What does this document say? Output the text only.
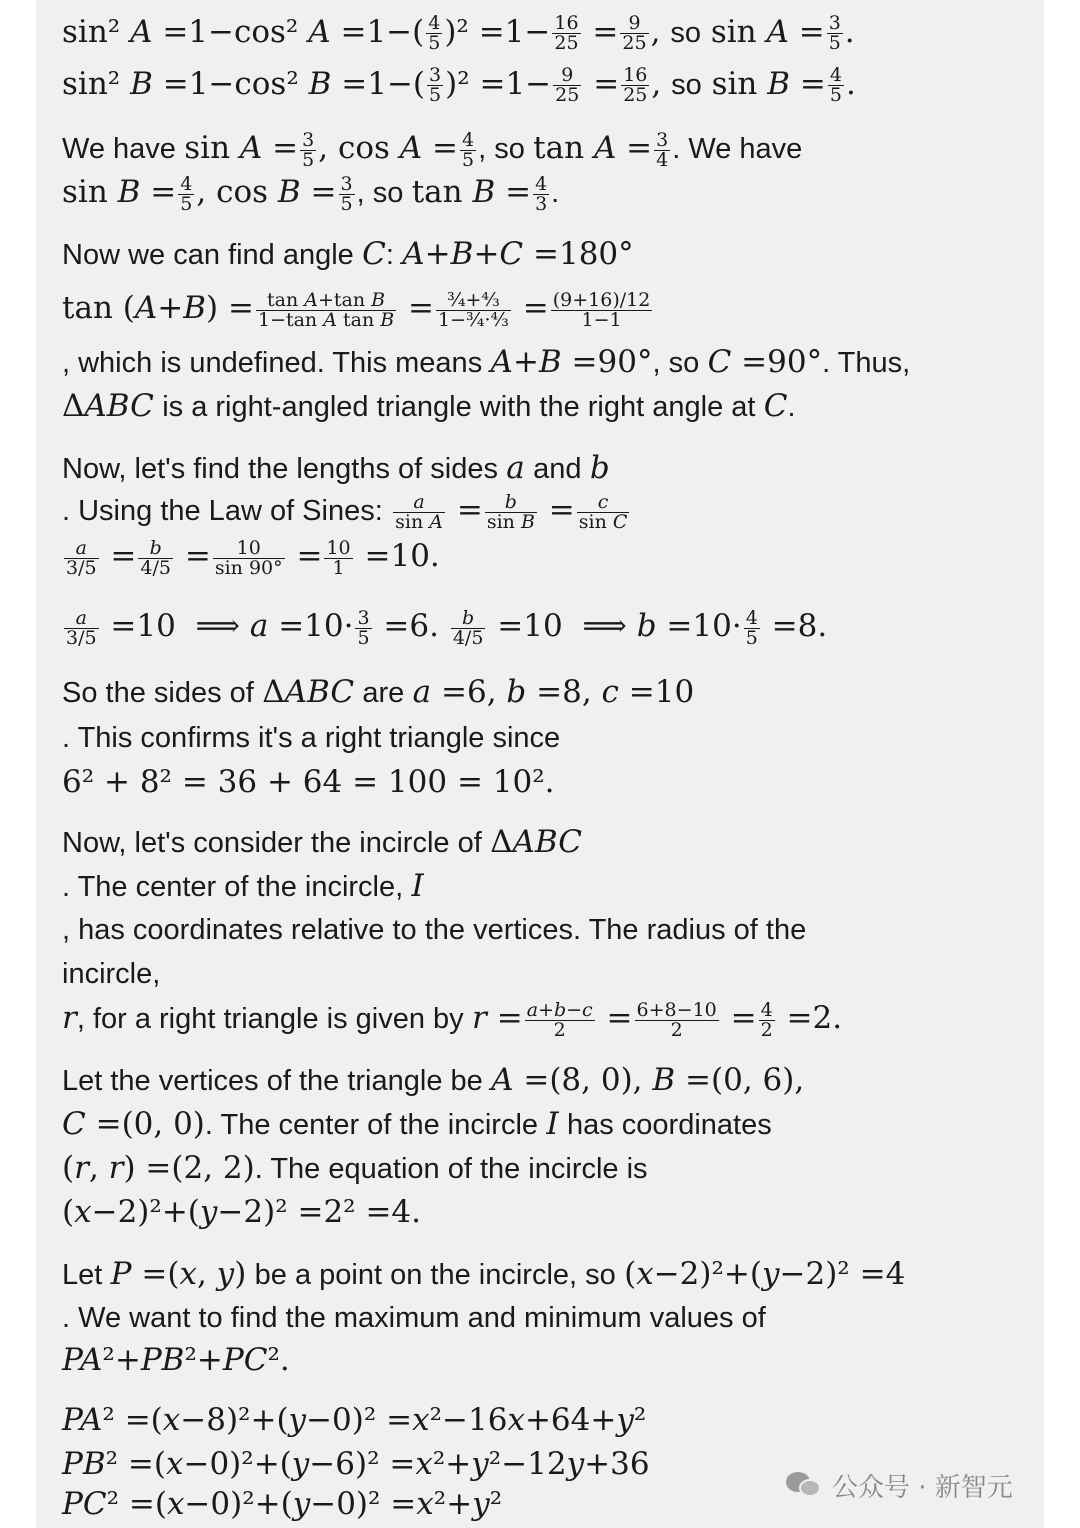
sin² A =1−cos² $A =1-( \frac{4}{5} )^2 =1- \frac{16}{25} = \frac{9}{25}$ , so $\sin A = \frac{3}{5}$ .
sin² B =1−cos² $B =1-( \frac{3}{5} )^2 =1- \frac{9}{25} = \frac{16}{25}$ , so $\sin B = \frac{4}{5}$ .
We have $\sin A = \frac{3}{5}$ , $\cos A = \frac{4}{5}$ , so $\tan A = \frac{3}{4}$ . We have
$\sin B = \frac{4}{5}$ , $\cos B = \frac{3}{5}$ , so $\tan B = \frac{4}{3}$ .
Now we can find angle C: A+B+C =180°
$\tan (A+B) = \frac{\text{tan A+tan B}}{\text{1−tan A tan B}} = \frac{\text{¾+⁴⁄₃}}{\text{1−¾·⁴⁄₃}} = \frac{(9+16)/12}{1-1}$
, which is undefined. This means A+B =90°, so C =90°. Thus,
ΔABC is a right-angled triangle with the right angle at C.
Now, let's find the lengths of sides a and b
. Using the Law of Sines: $\frac{a}{\text{sin A}} = \frac{b}{\text{sin B}} = \frac{c}{\text{sin C}}$
$\frac{a}{3/5} = \frac{b}{4/5} = \frac{10}{\sin 90^\circ} = \frac{10}{1} =10$.
$\frac{a}{3/5} =10$  ⟹ $a =10\cdot \frac{3}{5} =6$. $\frac{b}{4/5} =10$  ⟹ $b =10\cdot \frac{4}{5} =8$.
So the sides of ΔABC are a =6, b =8, c =10
. This confirms it's a right triangle since
6² + 8² = 36 + 64 = 100 = 10².
Now, let's consider the incircle of ΔABC
. The center of the incircle, I
, has coordinates relative to the vertices. The radius of the
incircle,
r, for a right triangle is given by $r = \frac{a+b-c}{2} = \frac{6+8-10}{2} = \frac{4}{2} =2$.
Let the vertices of the triangle be A =(8, 0), B =(0, 6),
C =(0, 0). The center of the incircle I has coordinates
(r, r) =(2, 2). The equation of the incircle is
(x−2)²+(y−2)² =2² =4.
Let P =(x, y) be a point on the incircle, so (x−2)²+(y−2)² =4
. We want to find the maximum and minimum values of
PA²+PB²+PC².
PA² =(x−8)²+(y−0)² =x²−16x+64+y²
PB² =(x−0)²+(y−6)² =x²+y²−12y+36
PC² =(x−0)²+(y−0)² =x²+y²	公众号 · 新智元
